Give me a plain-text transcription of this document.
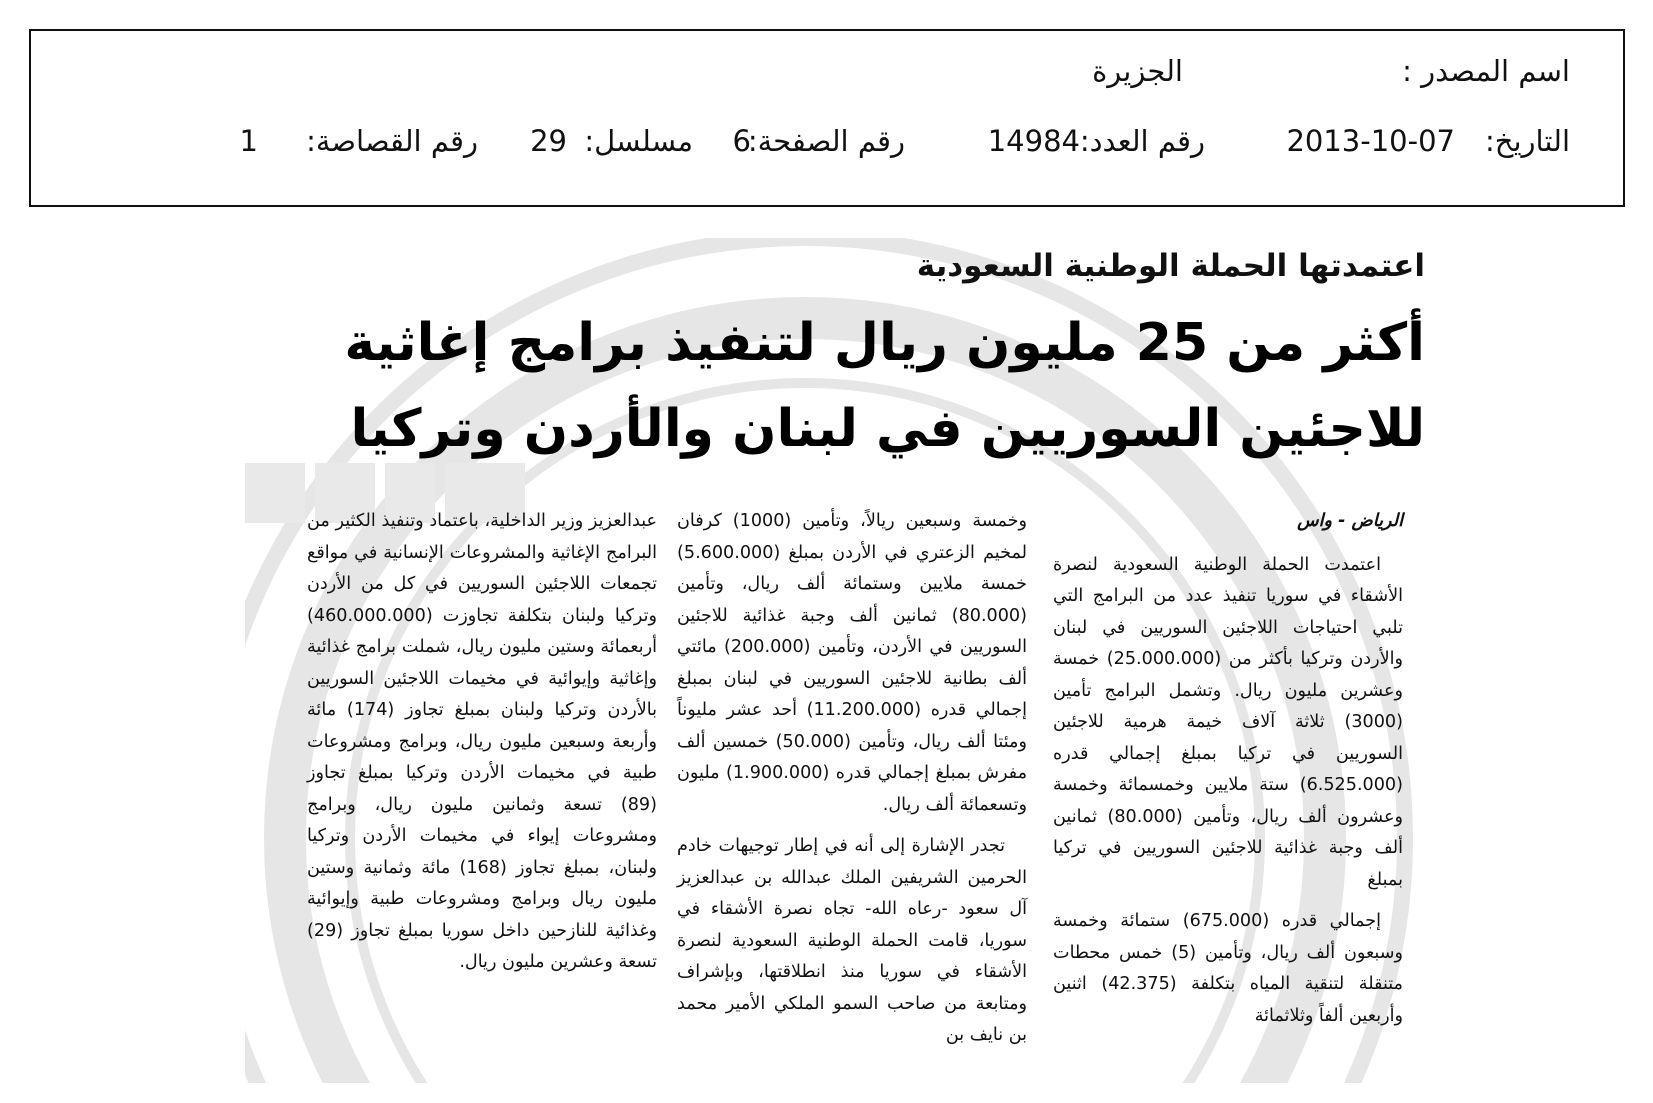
اسم المصدر :
الجزيرة
التاريخ:
2013-10-07
رقم العدد:
14984
رقم الصفحة:
6
مسلسل:
29
رقم القصاصة:
1
اعتمدتها الحملة الوطنية السعودية
أكثر من 25 مليون ريال لتنفيذ برامج إغاثية
للاجئين السوريين في لبنان والأردن وتركيا

الرياض - واس

اعتمدت الحملة الوطنية السعودية لنصرة الأشقاء في سوريا تنفيذ عدد من البرامج التي تلبي احتياجات اللاجئين السوريين في لبنان والأردن وتركيا بأكثر من (25.000.000) خمسة وعشرين مليون ريال. وتشمل البرامج تأمين (3000) ثلاثة آلاف خيمة هرمية للاجئين السوريين في تركيا بمبلغ إجمالي قدره (6.525.000) ستة ملايين وخمسمائة وخمسة وعشرون ألف ريال، وتأمين (80.000) ثمانين ألف وجبة غذائية للاجئين السوريين في تركيا بمبلغ

إجمالي قدره (675.000) ستمائة وخمسة وسبعون ألف ريال، وتأمين (5) خمس محطات متنقلة لتنقية المياه بتكلفة (42.375) اثنين وأربعين ألفاً وثلاثمائة

وخمسة وسبعين ريالاً، وتأمين (1000) كرفان لمخيم الزعتري في الأردن بمبلغ (5.600.000) خمسة ملايين وستمائة ألف ريال، وتأمين (80.000) ثمانين ألف وجبة غذائية للاجئين السوريين في الأردن، وتأمين (200.000) مائتي ألف بطانية للاجئين السوريين في لبنان بمبلغ إجمالي قدره (11.200.000) أحد عشر مليوناً ومئتا ألف ريال، وتأمين (50.000) خمسين ألف مفرش بمبلغ إجمالي قدره (1.900.000) مليون وتسعمائة ألف ريال.

تجدر الإشارة إلى أنه في إطار توجيهات خادم الحرمين الشريفين الملك عبدالله بن عبدالعزيز آل سعود -رعاه الله- تجاه نصرة الأشقاء في سوريا، قامت الحملة الوطنية السعودية لنصرة الأشقاء في سوريا منذ انطلاقتها، وبإشراف ومتابعة من صاحب السمو الملكي الأمير محمد بن نايف بن

عبدالعزيز وزير الداخلية، باعتماد وتنفيذ الكثير من البرامج الإغاثية والمشروعات الإنسانية في مواقع تجمعات اللاجئين السوريين في كل من الأردن وتركيا ولبنان بتكلفة تجاوزت (460.000.000) أربعمائة وستين مليون ريال، شملت برامج غذائية وإغاثية وإيوائية في مخيمات اللاجئين السوريين بالأردن وتركيا ولبنان بمبلغ تجاوز (174) مائة وأربعة وسبعين مليون ريال، وبرامج ومشروعات طبية في مخيمات الأردن وتركيا بمبلغ تجاوز (89) تسعة وثمانين مليون ريال، وبرامج ومشروعات إيواء في مخيمات الأردن وتركيا ولبنان، بمبلغ تجاوز (168) مائة وثمانية وستين مليون ريال وبرامج ومشروعات طبية وإيوائية وغذائية للنازحين داخل سوريا بمبلغ تجاوز (29) تسعة وعشرين مليون ريال.
